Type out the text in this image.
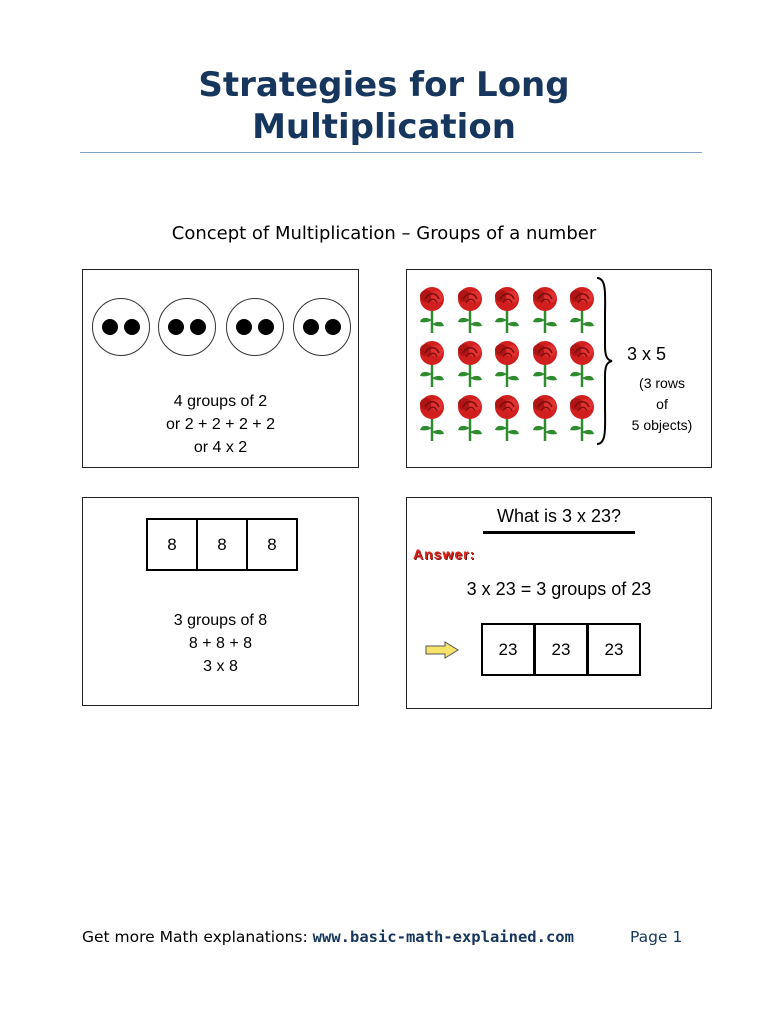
Strategies for Long
Multiplication
Concept of Multiplication – Groups of a number
4 groups of 2
or 2 + 2 + 2 + 2
or 4 x 2
3 x 5
(3 rows
of
5 objects)
8	8	8
3 groups of 8
8 + 8 + 8
3 x 8
What is 3 x 23?
Answer:
3 x 23 = 3 groups of 23
23	23	23
Get more Math explanations: www.basic-math-explained.com	Page 1
